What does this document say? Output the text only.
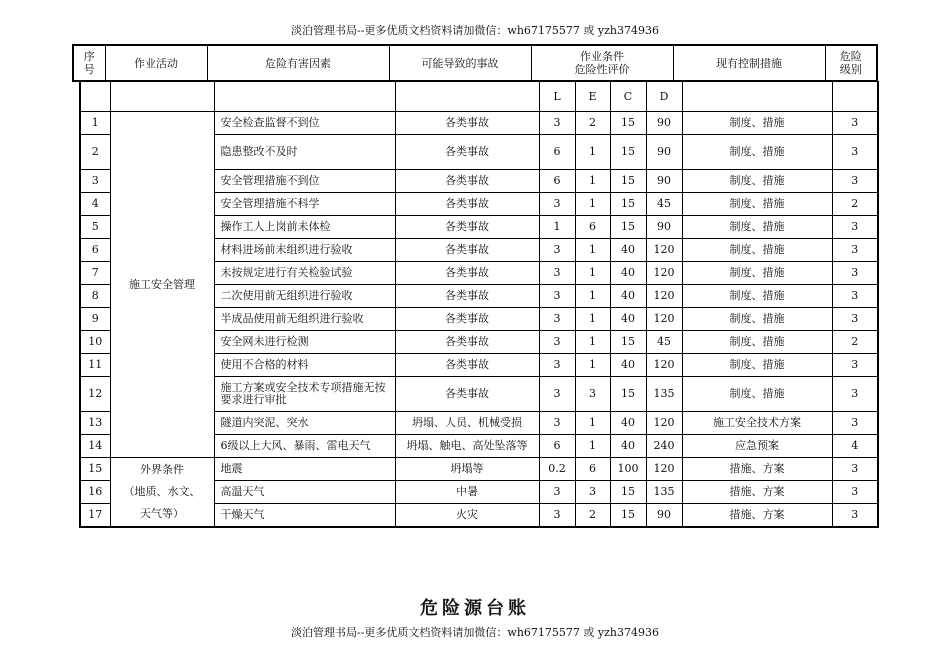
淡泊管理书局--更多优质文档资料请加微信：wh67175577 或 yzh374936
序
号	作业活动	危险有害因素	可能导致的事故	作业条件
危险性评价	现有控制措施	危险
级别
				L	E	C	D		
1	施工安全管理	安全检查监督不到位	各类事故	3	2	15	90	制度、措施	3
2		隐患整改不及时	各类事故	6	1	15	90	制度、措施	3
3		安全管理措施不到位	各类事故	6	1	15	90	制度、措施	3
4		安全管理措施不科学	各类事故	3	1	15	45	制度、措施	2
5		操作工人上岗前未体检	各类事故	1	6	15	90	制度、措施	3
6		材料进场前未组织进行验收	各类事故	3	1	40	120	制度、措施	3
7		未按规定进行有关检验试验	各类事故	3	1	40	120	制度、措施	3
8		二次使用前无组织进行验收	各类事故	3	1	40	120	制度、措施	3
9		半成品使用前无组织进行验收	各类事故	3	1	40	120	制度、措施	3
10		安全网未进行检测	各类事故	3	1	15	45	制度、措施	2
11		使用不合格的材料	各类事故	3	1	40	120	制度、措施	3
12		施工方案或安全技术专项措施无按要求进行审批	各类事故	3	3	15	135	制度、措施	3
13		隧道内突泥、突水	坍塌、人员、机械受损	3	1	40	120	施工安全技术方案	3
14		6级以上大风、暴雨、雷电天气	坍塌、触电、高处坠落等	6	1	40	240	应急预案	4
15	外界条件
（地质、水文、
天气等）	地震	坍塌等	0.2	6	100	120	措施、方案	3
16		高温天气	中暑	3	3	15	135	措施、方案	3
17		干燥天气	火灾	3	2	15	90	措施、方案	3
危险源台账
淡泊管理书局--更多优质文档资料请加微信：wh67175577 或 yzh374936
